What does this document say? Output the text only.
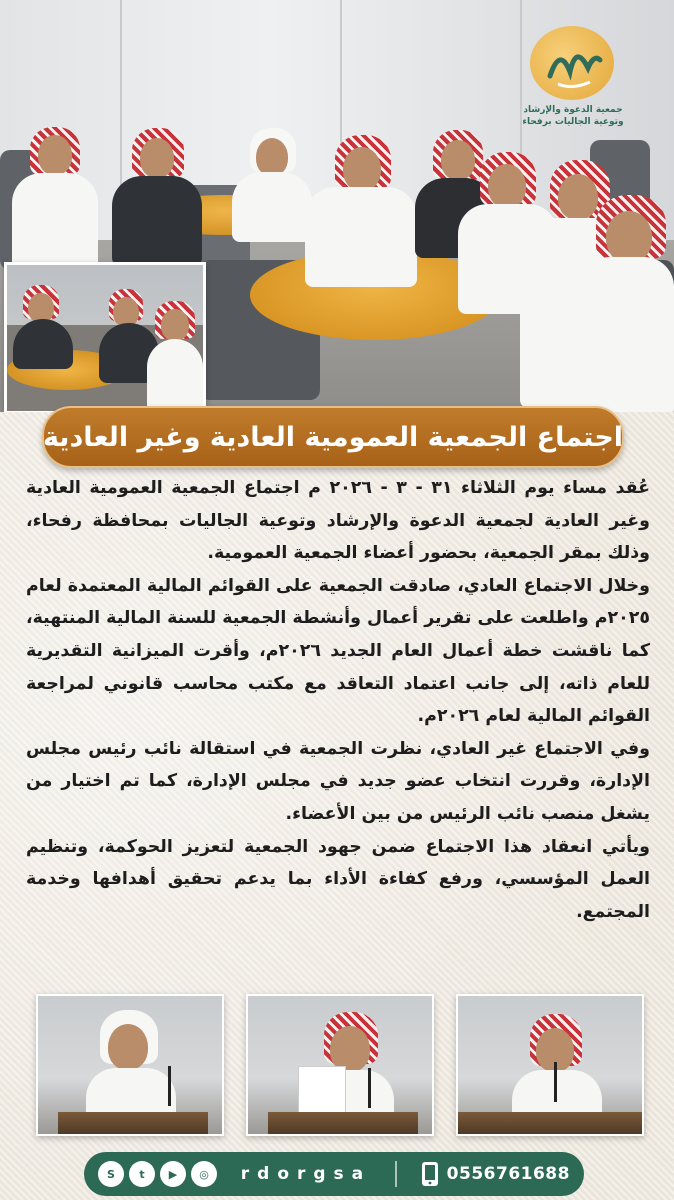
جمعية الدعوة والإرشاد
وتوعية الجاليات برفحاء
اجتماع الجمعية العمومية العادية وغير العادية

عُقد مساء يوم الثلاثاء ٣١ - ٣ - ٢٠٢٦ م اجتماع الجمعية العمومية العادية وغير العادية لجمعية الدعوة والإرشاد وتوعية الجاليات بمحافظة رفحاء، وذلك بمقر الجمعية، بحضور أعضاء الجمعية العمومية.

وخلال الاجتماع العادي، صادقت الجمعية على القوائم المالية المعتمدة لعام ٢٠٢٥م واطلعت على تقرير أعمال وأنشطة الجمعية للسنة المالية المنتهية، كما ناقشت خطة أعمال العام الجديد ٢٠٢٦م، وأقرت الميزانية التقديرية للعام ذاته، إلى جانب اعتماد التعاقد مع مكتب محاسب قانوني لمراجعة القوائم المالية لعام ٢٠٢٦م.

وفي الاجتماع غير العادي، نظرت الجمعية في استقالة نائب رئيس مجلس الإدارة، وقررت انتخاب عضو جديد في مجلس الإدارة، كما تم اختيار من يشغل منصب نائب الرئيس من بين الأعضاء.

ويأتي انعقاد هذا الاجتماع ضمن جهود الجمعية لتعزيز الحوكمة، وتنظيم العمل المؤسسي، ورفع كفاءة الأداء بما يدعم تحقيق أهدافها وخدمة المجتمع.

S	t	▶	◎	rdorgsa	0556761688
